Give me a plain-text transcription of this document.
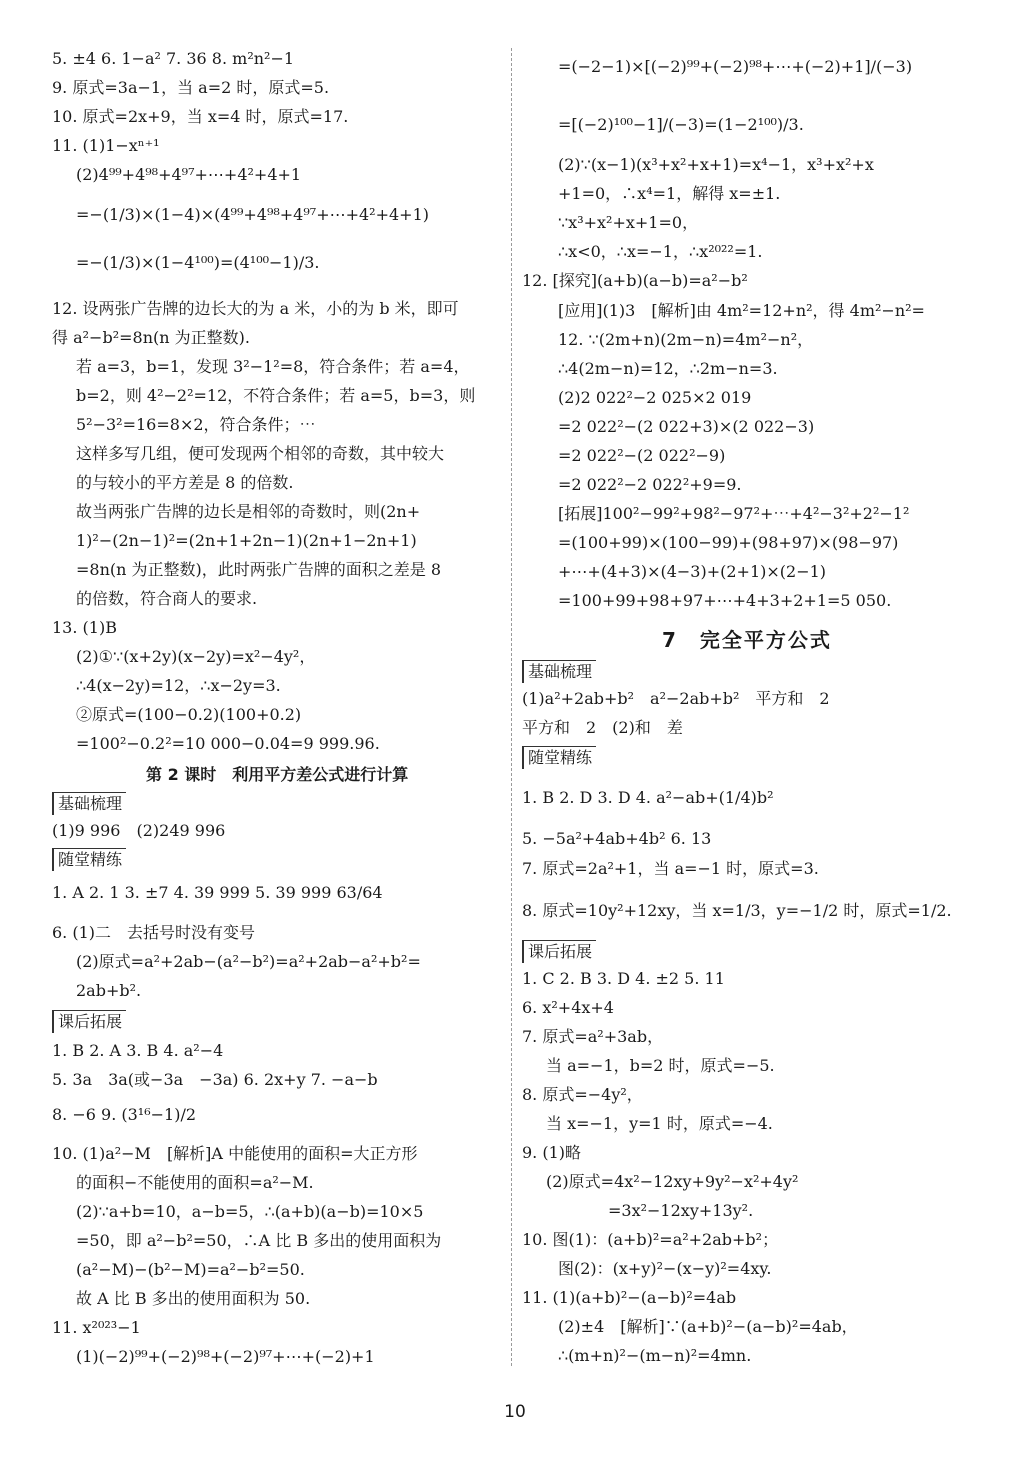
5. ±4 6. 1−a² 7. 36 8. m²n²−1
9. 原式=3a−1，当 a=2 时，原式=5.
10. 原式=2x+9，当 x=4 时，原式=17.
11. (1)1−xⁿ⁺¹
(2)4⁹⁹+4⁹⁸+4⁹⁷+⋯+4²+4+1
=−(1/3)×(1−4)×(4⁹⁹+4⁹⁸+4⁹⁷+⋯+4²+4+1)
=−(1/3)×(1−4¹⁰⁰)=(4¹⁰⁰−1)/3.
12. 设两张广告牌的边长大的为 a 米，小的为 b 米，即可
得 a²−b²=8n(n 为正整数).
若 a=3，b=1，发现 3²−1²=8，符合条件；若 a=4，
b=2，则 4²−2²=12，不符合条件；若 a=5，b=3，则
5²−3²=16=8×2，符合条件；⋯
这样多写几组，便可发现两个相邻的奇数，其中较大
的与较小的平方差是 8 的倍数.
故当两张广告牌的边长是相邻的奇数时，则(2n+
1)²−(2n−1)²=(2n+1+2n−1)(2n+1−2n+1)
=8n(n 为正整数)，此时两张广告牌的面积之差是 8
的倍数，符合商人的要求.
13. (1)B
(2)①∵(x+2y)(x−2y)=x²−4y²，
∴4(x−2y)=12，∴x−2y=3.
②原式=(100−0.2)(100+0.2)
=100²−0.2²=10 000−0.04=9 999.96.
第 2 课时　利用平方差公式进行计算
基础梳理
(1)9 996　(2)249 996
随堂精练
1. A 2. 1 3. ±7 4. 39 999 5. 39 999 63/64
6. (1)二　去括号时没有变号
(2)原式=a²+2ab−(a²−b²)=a²+2ab−a²+b²=
2ab+b².
课后拓展
1. B 2. A 3. B 4. a²−4
5. 3a　3a(或−3a　−3a) 6. 2x+y 7. −a−b
8. −6 9. (3¹⁶−1)/2
10. (1)a²−M　[解析]A 中能使用的面积=大正方形
的面积−不能使用的面积=a²−M.
(2)∵a+b=10，a−b=5，∴(a+b)(a−b)=10×5
=50，即 a²−b²=50，∴A 比 B 多出的使用面积为
(a²−M)−(b²−M)=a²−b²=50.
故 A 比 B 多出的使用面积为 50.
11. x²⁰²³−1
(1)(−2)⁹⁹+(−2)⁹⁸+(−2)⁹⁷+⋯+(−2)+1
=(−2−1)×[(−2)⁹⁹+(−2)⁹⁸+⋯+(−2)+1]/(−3)
=[(−2)¹⁰⁰−1]/(−3)=(1−2¹⁰⁰)/3.
(2)∵(x−1)(x³+x²+x+1)=x⁴−1，x³+x²+x
+1=0，∴x⁴=1，解得 x=±1.
∵x³+x²+x+1=0，
∴x<0，∴x=−1，∴x²⁰²²=1.
12. [探究](a+b)(a−b)=a²−b²
[应用](1)3　[解析]由 4m²=12+n²，得 4m²−n²=
12. ∵(2m+n)(2m−n)=4m²−n²，
∴4(2m−n)=12，∴2m−n=3.
(2)2 022²−2 025×2 019
=2 022²−(2 022+3)×(2 022−3)
=2 022²−(2 022²−9)
=2 022²−2 022²+9=9.
[拓展]100²−99²+98²−97²+⋯+4²−3²+2²−1²
=(100+99)×(100−99)+(98+97)×(98−97)
+⋯+(4+3)×(4−3)+(2+1)×(2−1)
=100+99+98+97+⋯+4+3+2+1=5 050.
7　完全平方公式
基础梳理
(1)a²+2ab+b²　a²−2ab+b²　平方和　2
平方和　2　(2)和　差
随堂精练
1. B 2. D 3. D 4. a²−ab+(1/4)b²
5. −5a²+4ab+4b² 6. 13
7. 原式=2a²+1，当 a=−1 时，原式=3.
8. 原式=10y²+12xy，当 x=1/3，y=−1/2 时，原式=1/2.
课后拓展
1. C 2. B 3. D 4. ±2 5. 11
6. x²+4x+4
7. 原式=a²+3ab，
当 a=−1，b=2 时，原式=−5.
8. 原式=−4y²，
当 x=−1，y=1 时，原式=−4.
9. (1)略
(2)原式=4x²−12xy+9y²−x²+4y²
=3x²−12xy+13y².
10. 图(1)：(a+b)²=a²+2ab+b²；
图(2)：(x+y)²−(x−y)²=4xy.
11. (1)(a+b)²−(a−b)²=4ab
(2)±4　[解析]∵(a+b)²−(a−b)²=4ab，
∴(m+n)²−(m−n)²=4mn.
10
